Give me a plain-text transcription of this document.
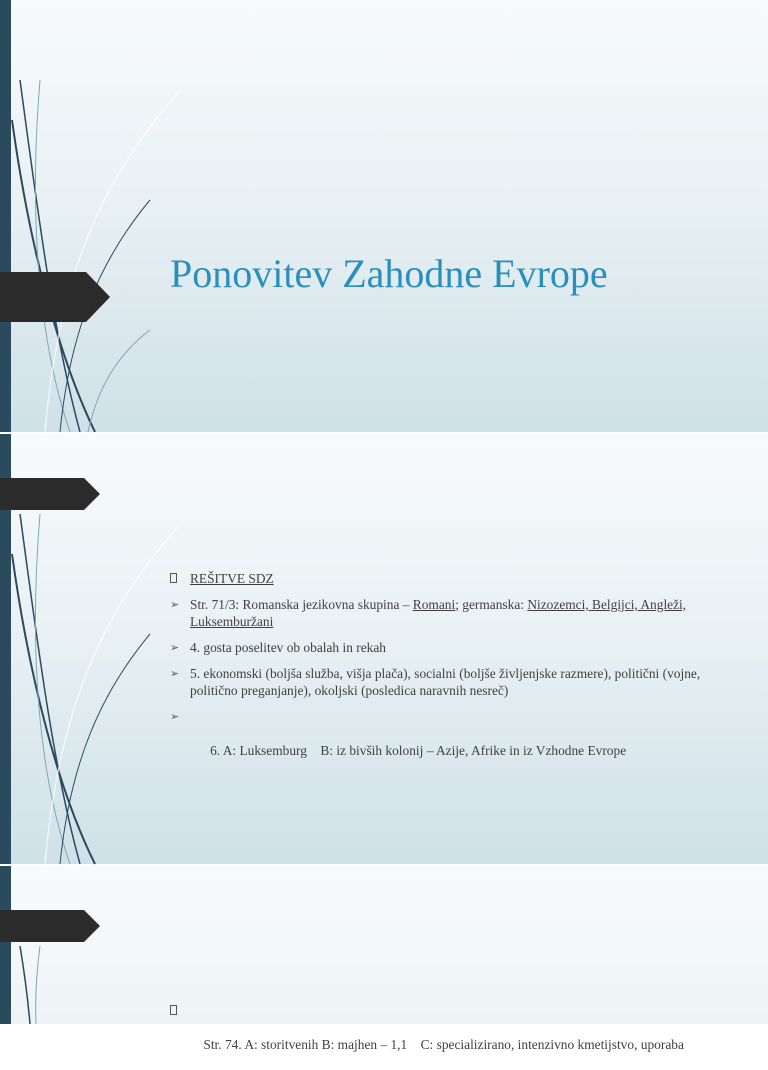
Ponovitev Zahodne Evrope
REŠITVE SDZ
➢ Str. 71/3: Romanska jezikovna skupina – Romani; germanska: Nizozemci, Belgijci, Angleži, Luksemburžani
➢ 4. gosta poselitev ob obalah in rekah
➢ 5. ekonomski (boljša služba, višja plača), socialni (boljše življenjske razmere), politični (vojne, politično preganjanje), okoljski (posledica naravnih nesreč)

➢

6. A: Luksemburg    B: iz bivših kolonij – Azije, Afrike in iz Vzhodne Evrope

Str. 74. A: storitvenih B: majhen – 1,1    C: specializirano, intenzivno kmetijstvo, uporaba
